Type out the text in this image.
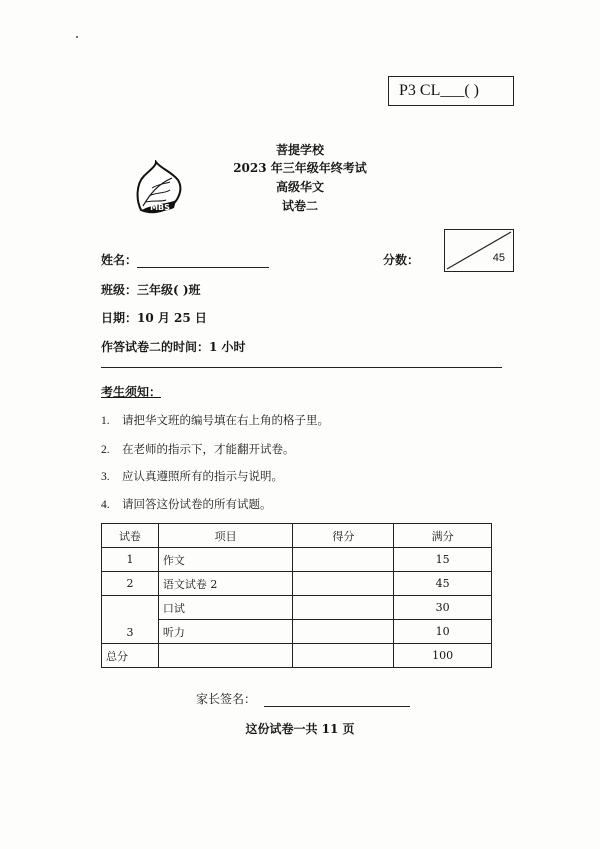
P3 CL___( )
菩提学校
2023 年三年级年终考试
高级华文
试卷二
MBS
姓名：
班级：三年级( )班
日期：10 月 25 日
作答试卷二的时间：1 小时
分数：	45
考生须知：
1. 请把华文班的编号填在右上角的格子里。
2. 在老师的指示下，才能翻开试卷。
3. 应认真遵照所有的指示与说明。
4. 请回答这份试卷的所有试题。
试卷	项目	得分	满分
1	作文		15
2	语文试卷 2		45
3	口试		30
	听力		10
总分			100
家长签名：
这份试卷一共 11 页
